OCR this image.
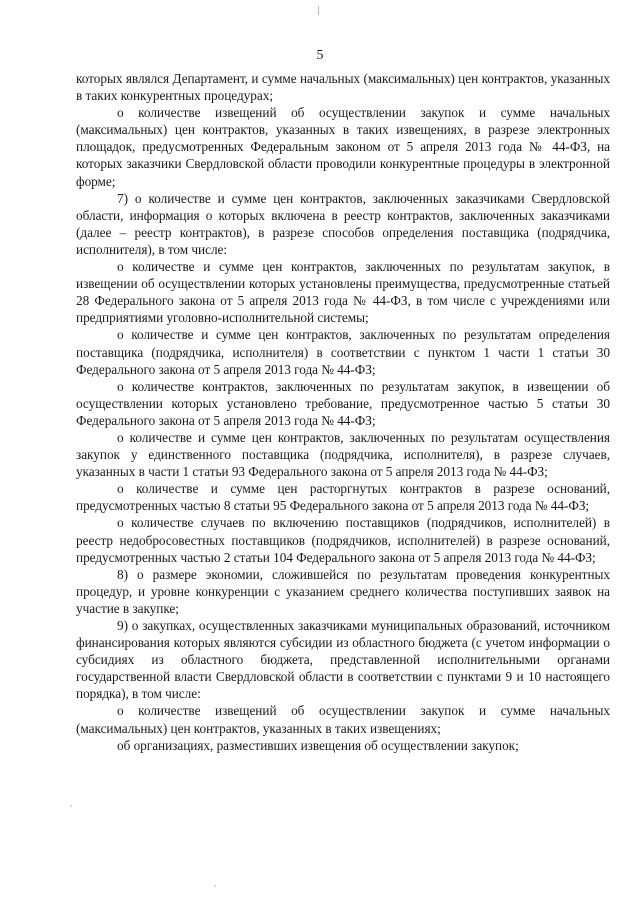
5

которых являлся Департамент, и сумме начальных (максимальных) цен контрактов, указанных в таких конкурентных процедурах;

о количестве извещений об осуществлении закупок и сумме начальных (максимальных) цен контрактов, указанных в таких извещениях, в разрезе электронных площадок, предусмотренных Федеральным законом от 5 апреля 2013 года № 44-ФЗ, на которых заказчики Свердловской области проводили конкурентные процедуры в электронной форме;

7) о количестве и сумме цен контрактов, заключенных заказчиками Свердловской области, информация о которых включена в реестр контрактов, заключенных заказчиками (далее – реестр контрактов), в разрезе способов определения поставщика (подрядчика, исполнителя), в том числе:

о количестве и сумме цен контрактов, заключенных по результатам закупок, в извещении об осуществлении которых установлены преимущества, предусмотренные статьей 28 Федерального закона от 5 апреля 2013 года № 44-ФЗ, в том числе с учреждениями или предприятиями уголовно-исполнительной системы;

о количестве и сумме цен контрактов, заключенных по результатам определения поставщика (подрядчика, исполнителя) в соответствии с пунктом 1 части 1 статьи 30 Федерального закона от 5 апреля 2013 года № 44-ФЗ;

о количестве контрактов, заключенных по результатам закупок, в извещении об осуществлении которых установлено требование, предусмотренное частью 5 статьи 30 Федерального закона от 5 апреля 2013 года № 44-ФЗ;

о количестве и сумме цен контрактов, заключенных по результатам осуществления закупок у единственного поставщика (подрядчика, исполнителя), в разрезе случаев, указанных в части 1 статьи 93 Федерального закона от 5 апреля 2013 года № 44-ФЗ;

о количестве и сумме цен расторгнутых контрактов в разрезе оснований, предусмотренных частью 8 статьи 95 Федерального закона от 5 апреля 2013 года № 44-ФЗ;

о количестве случаев по включению поставщиков (подрядчиков, исполнителей) в реестр недобросовестных поставщиков (подрядчиков, исполнителей) в разрезе оснований, предусмотренных частью 2 статьи 104 Федерального закона от 5 апреля 2013 года № 44-ФЗ;

8) о размере экономии, сложившейся по результатам проведения конкурентных процедур, и уровне конкуренции с указанием среднего количества поступивших заявок на участие в закупке;

9) о закупках, осуществленных заказчиками муниципальных образований, источником финансирования которых являются субсидии из областного бюджета (с учетом информации о субсидиях из областного бюджета, представленной исполнительными органами государственной власти Свердловской области в соответствии с пунктами 9 и 10 настоящего порядка), в том числе:

о количестве извещений об осуществлении закупок и сумме начальных (максимальных) цен контрактов, указанных в таких извещениях;

об организациях, разместивших извещения об осуществлении закупок;
